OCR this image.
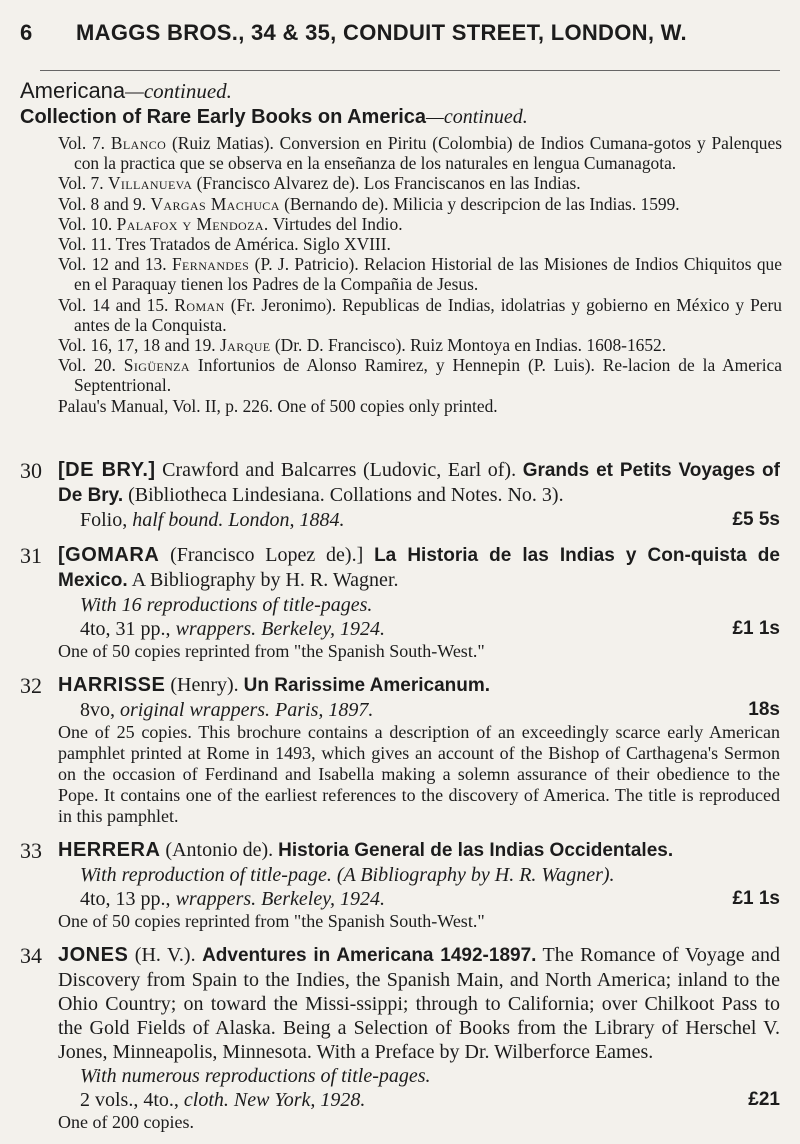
6 MAGGS BROS., 34 & 35, CONDUIT STREET, LONDON, W.
Americana—continued.
Collection of Rare Early Books on America—continued.

Vol. 7. Blanco (Ruiz Matias). Conversion en Piritu (Colombia) de Indios Cumana-gotos y Palenques con la practica que se observa en la enseñanza de los naturales en lengua Cumanagota.

Vol. 7. Villanueva (Francisco Alvarez de). Los Franciscanos en las Indias.

Vol. 8 and 9. Vargas Machuca (Bernando de). Milicia y descripcion de las Indias. 1599.

Vol. 10. Palafox y Mendoza. Virtudes del Indio.

Vol. 11. Tres Tratados de América. Siglo XVIII.

Vol. 12 and 13. Fernandes (P. J. Patricio). Relacion Historial de las Misiones de Indios Chiquitos que en el Paraquay tienen los Padres de la Compañia de Jesus.

Vol. 14 and 15. Roman (Fr. Jeronimo). Republicas de Indias, idolatrias y gobierno en México y Peru antes de la Conquista.

Vol. 16, 17, 18 and 19. Jarque (Dr. D. Francisco). Ruiz Montoya en Indias. 1608-1652.

Vol. 20. Sigüenza Infortunios de Alonso Ramirez, y Hennepin (P. Luis). Re-lacion de la America Septentrional.

Palau's Manual, Vol. II, p. 226. One of 500 copies only printed.

30 [DE BRY.] Crawford and Balcarres (Ludovic, Earl of). Grands et Petits Voyages of De Bry. (Bibliotheca Lindesiana. Collations and Notes. No. 3).

£5 5s
Folio, half bound. London, 1884.

31 [GOMARA (Francisco Lopez de).] La Historia de las Indias y Con-quista de Mexico. A Bibliography by H. R. Wagner.

With 16 reproductions of title-pages.

£1 1s
4to, 31 pp., wrappers. Berkeley, 1924.

One of 50 copies reprinted from "the Spanish South-West."

32 HARRISSE (Henry). Un Rarissime Americanum.

18s
8vo, original wrappers. Paris, 1897.

One of 25 copies. This brochure contains a description of an exceedingly scarce early American pamphlet printed at Rome in 1493, which gives an account of the Bishop of Carthagena's Sermon on the occasion of Ferdinand and Isabella making a solemn assurance of their obedience to the Pope. It contains one of the earliest references to the discovery of America. The title is reproduced in this pamphlet.

33 HERRERA (Antonio de). Historia General de las Indias Occidentales.

With reproduction of title-page. (A Bibliography by H. R. Wagner).

£1 1s
4to, 13 pp., wrappers. Berkeley, 1924.

One of 50 copies reprinted from "the Spanish South-West."

34 JONES (H. V.). Adventures in Americana 1492-1897. The Romance of Voyage and Discovery from Spain to the Indies, the Spanish Main, and North America; inland to the Ohio Country; on toward the Missi-ssippi; through to California; over Chilkoot Pass to the Gold Fields of Alaska. Being a Selection of Books from the Library of Herschel V. Jones, Minneapolis, Minnesota. With a Preface by Dr. Wilberforce Eames.

With numerous reproductions of title-pages.

£21
2 vols., 4to., cloth. New York, 1928.

One of 200 copies.
